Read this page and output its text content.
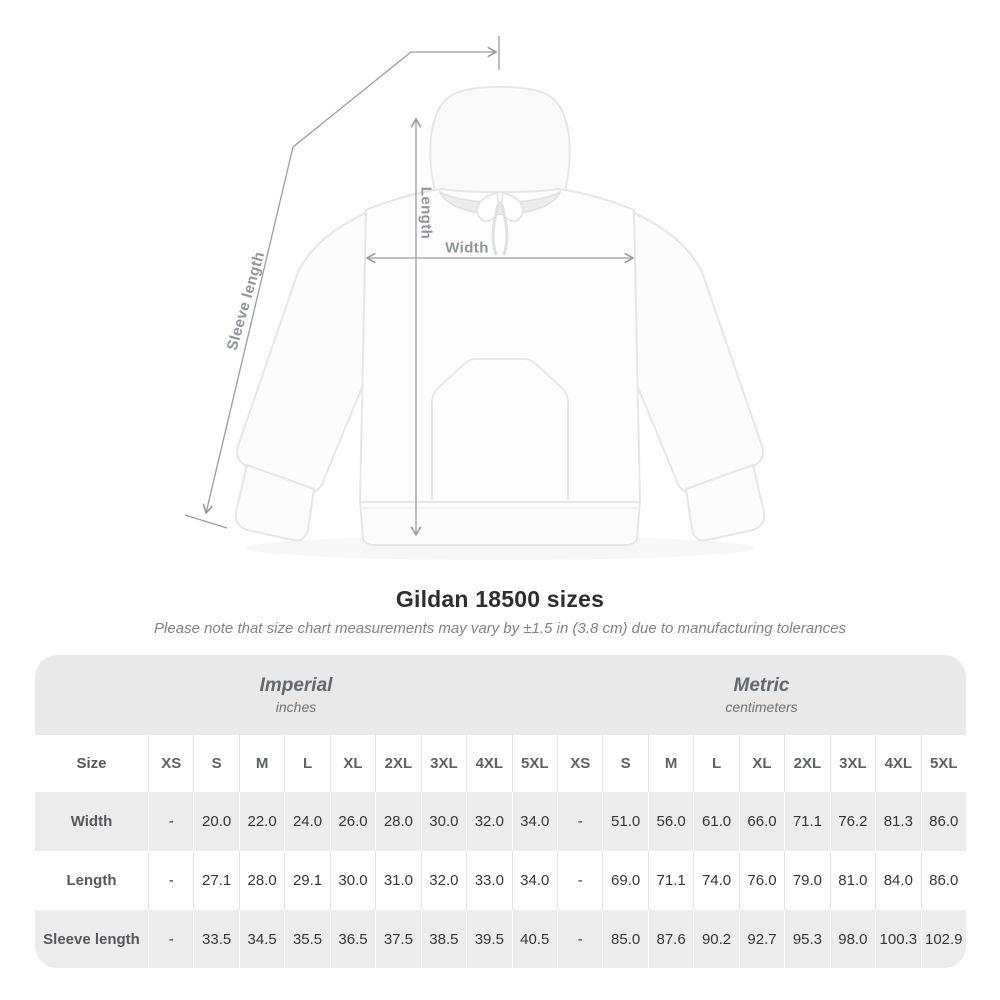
Sleeve length
Length
Width
Gildan 18500 sizes

Please note that size chart measurements may vary by ±1.5 in (3.8 cm) due to manufacturing tolerances

Imperial
inches
Metric
centimeters
Size	XS	S	M	L	XL	2XL	3XL	4XL	5XL	XS	S	M	L	XL	2XL	3XL	4XL	5XL
Width	-	20.0	22.0	24.0	26.0	28.0	30.0	32.0	34.0	-	51.0	56.0	61.0	66.0	71.1	76.2	81.3	86.0
Length	-	27.1	28.0	29.1	30.0	31.0	32.0	33.0	34.0	-	69.0	71.1	74.0	76.0	79.0	81.0	84.0	86.0
Sleeve length	-	33.5	34.5	35.5	36.5	37.5	38.5	39.5	40.5	-	85.0	87.6	90.2	92.7	95.3	98.0 100.3 102.9
